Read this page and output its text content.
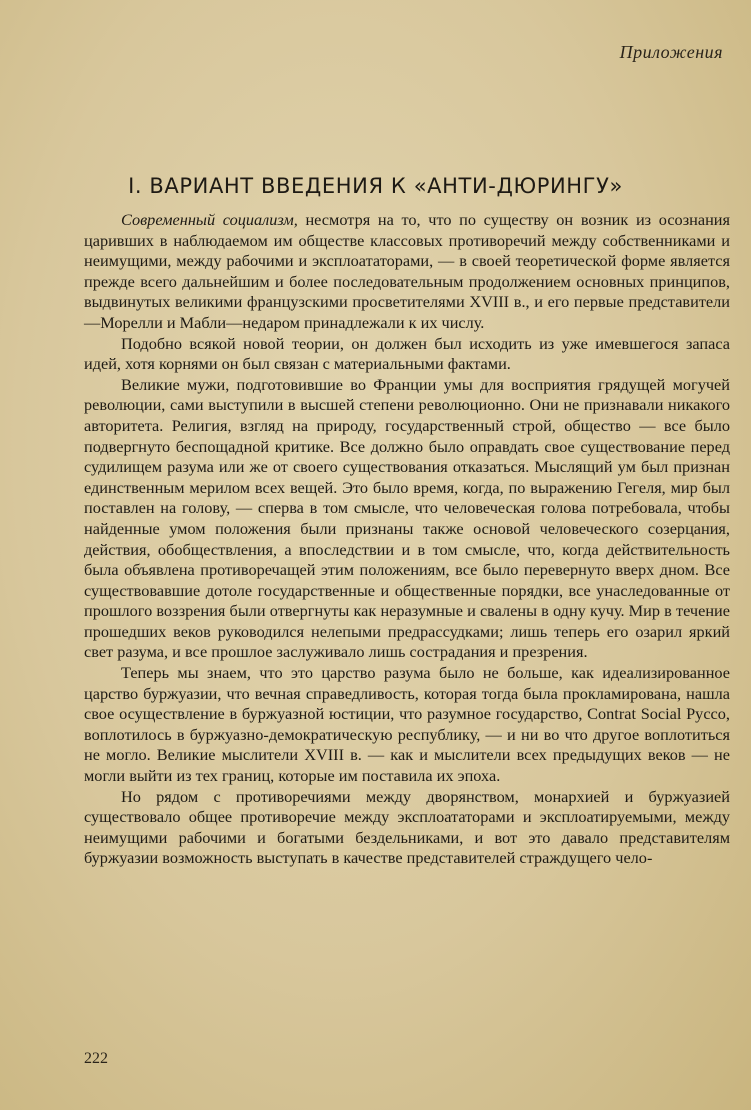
Приложения
I. ВАРИАНТ ВВЕДЕНИЯ К «АНТИ-ДЮРИНГУ»

Современный социализм, несмотря на то, что по существу он возник из осознания царивших в наблюдаемом им обществе классовых противоречий между собственниками и неимущими, между рабочими и эксплоататорами, — в своей теоретической форме является прежде всего дальнейшим и более последовательным продолжением основных принципов, выдвинутых великими французскими просветителями XVIII в., и его первые представители—Морелли и Мабли—недаром принадлежали к их числу.

Подобно всякой новой теории, он должен был исходить из уже имевшегося запаса идей, хотя корнями он был связан с материальными фактами.

Великие мужи, подготовившие во Франции умы для восприятия грядущей могучей революции, сами выступили в высшей степени революционно. Они не признавали никакого авторитета. Религия, взгляд на природу, государственный строй, общество — все было подвергнуто беспощадной критике. Все должно было оправдать свое существование перед судилищем разума или же от своего существования отказаться. Мыслящий ум был признан единственным мерилом всех вещей. Это было время, когда, по выражению Гегеля, мир был поставлен на голову, — сперва в том смысле, что человеческая голова потребовала, чтобы найденные умом положения были признаны также основой человеческого созерцания, действия, обобществления, а впоследствии и в том смысле, что, когда действительность была объявлена противоречащей этим положениям, все было перевернуто вверх дном. Все существовавшие дотоле государственные и общественные порядки, все унаследованные от прошлого воззрения были отвергнуты как неразумные и свалены в одну кучу. Мир в течение прошедших веков руководился нелепыми предрассудками; лишь теперь его озарил яркий свет разума, и все прошлое заслуживало лишь сострадания и презрения.

Теперь мы знаем, что это царство разума было не больше, как идеализированное царство буржуазии, что вечная справедливость, которая тогда была прокламирована, нашла свое осуществление в буржуазной юстиции, что разумное государство, Contrat Social Руссо, воплотилось в буржуазно-демократическую республику, — и ни во что другое воплотиться не могло. Великие мыслители XVIII в. — как и мыслители всех предыдущих веков — не могли выйти из тех границ, которые им поставила их эпоха.

Но рядом с противоречиями между дворянством, монархией и буржуазией существовало общее противоречие между эксплоататорами и эксплоатируемыми, между неимущими рабочими и богатыми бездельниками, и вот это давало представителям буржуазии возможность выступать в качестве представителей страждущего чело-

222
